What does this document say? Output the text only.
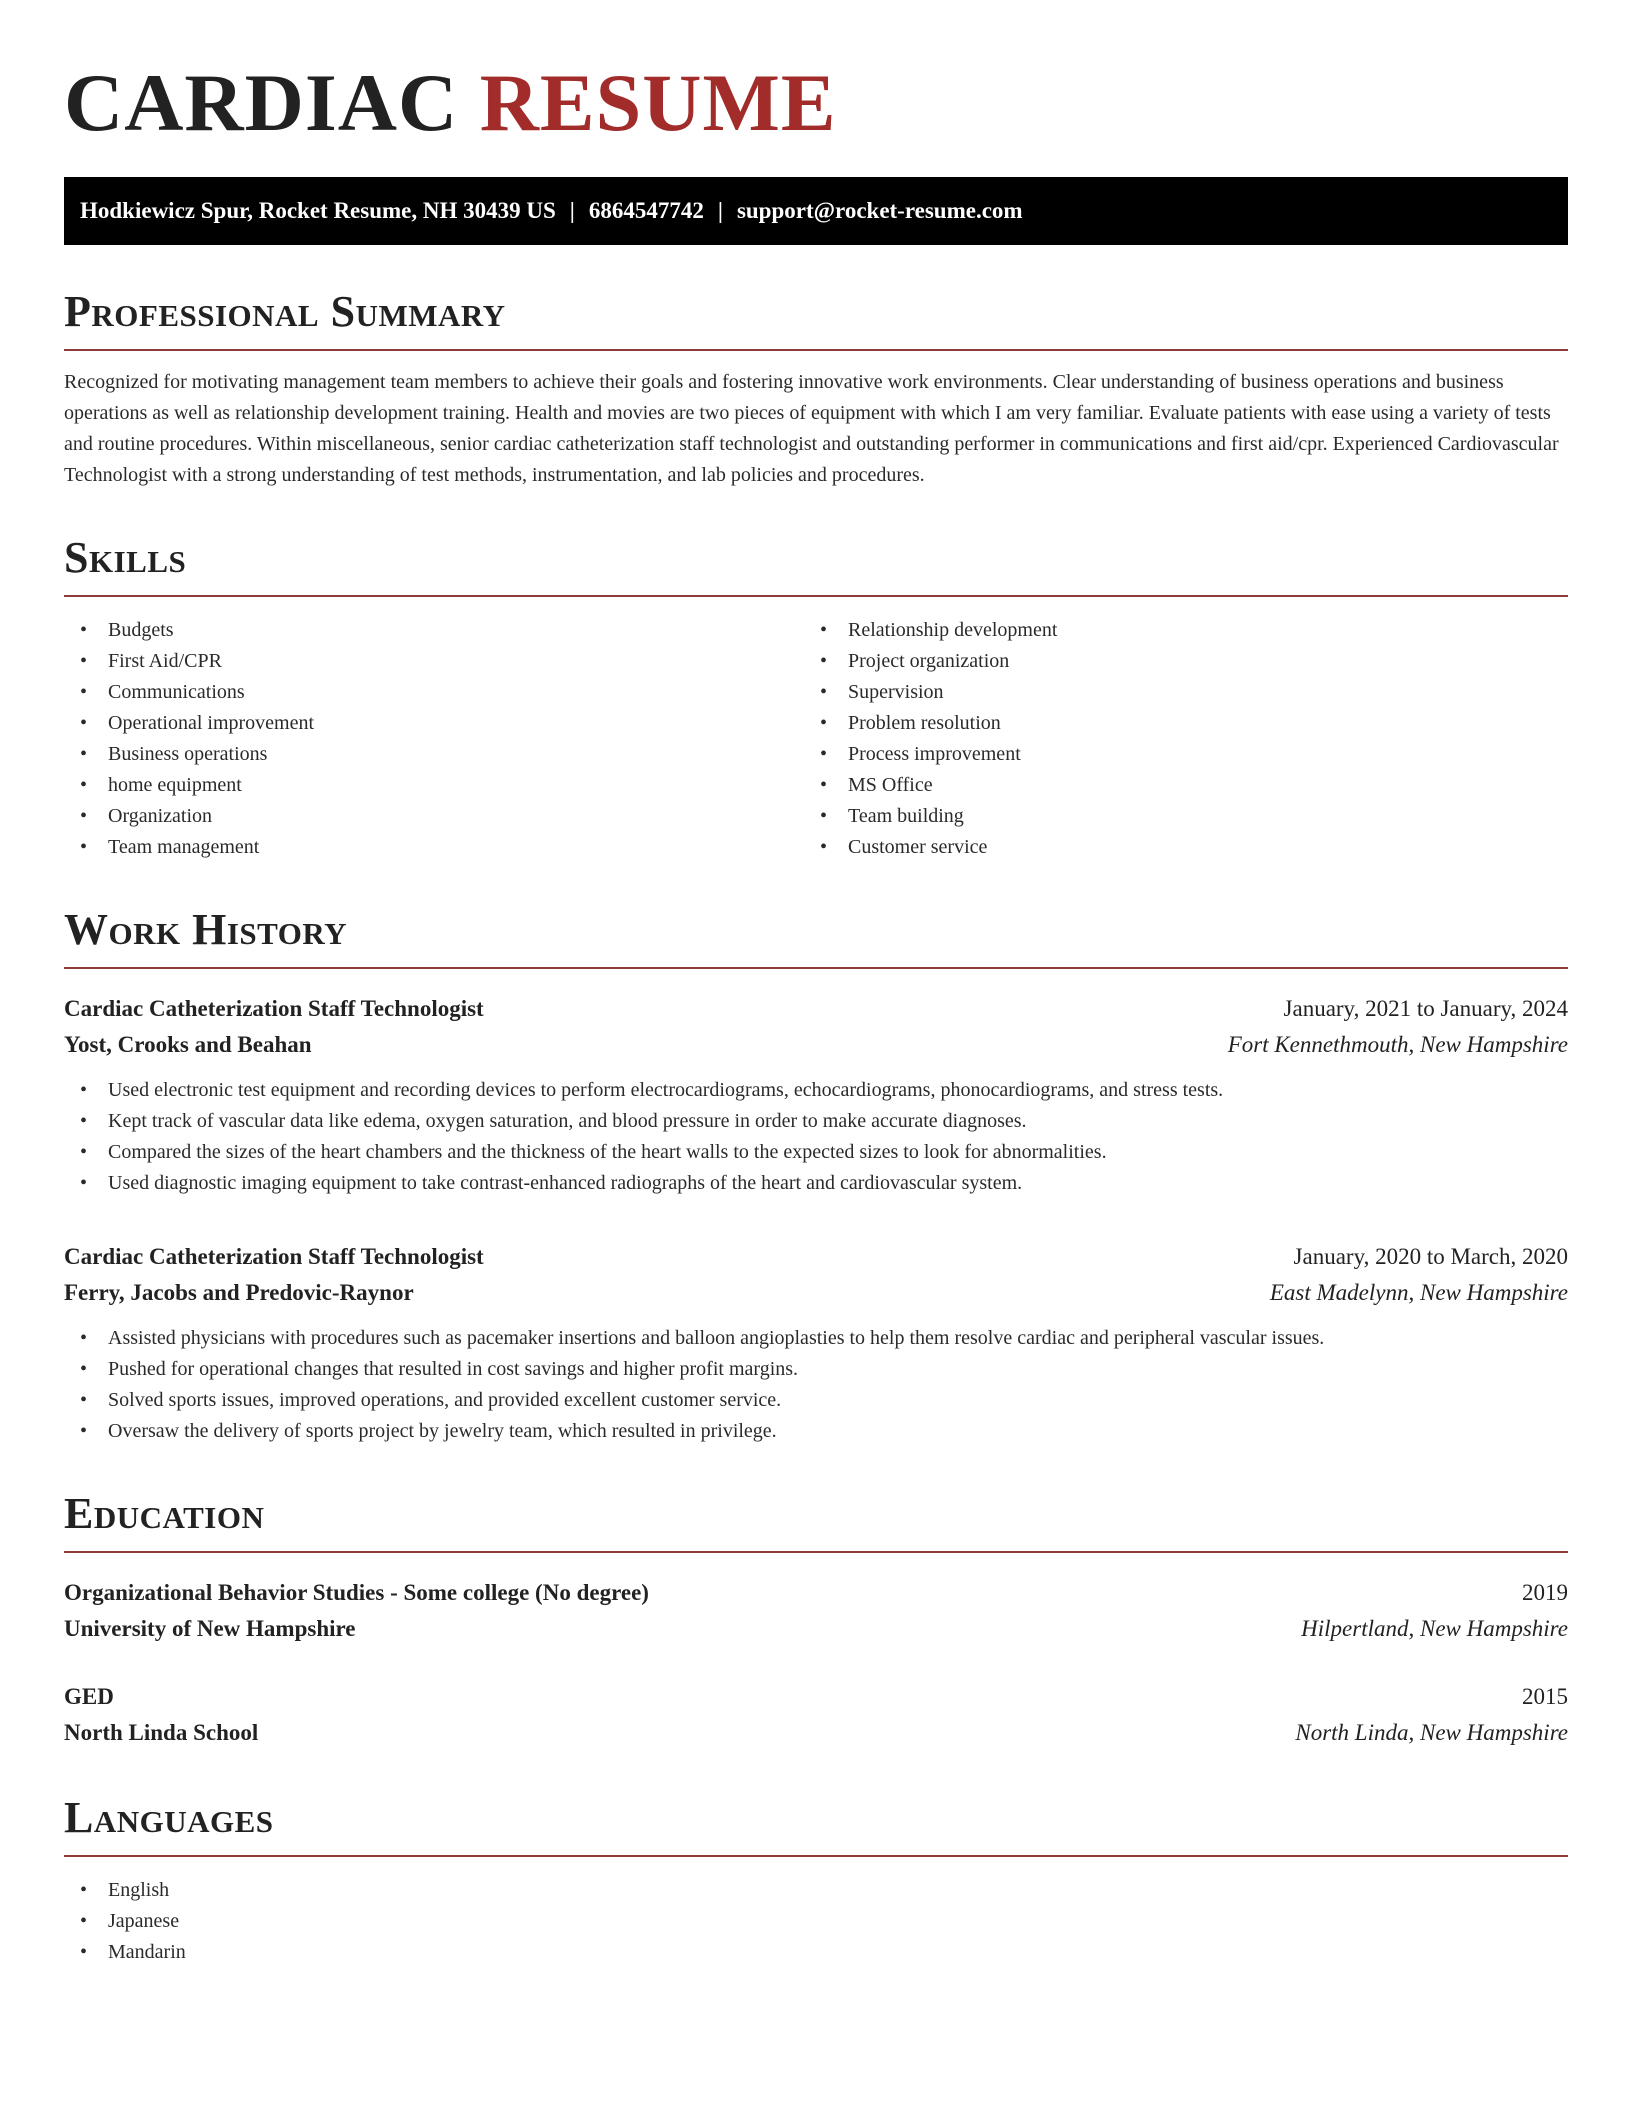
CARDIAC RESUME
Hodkiewicz Spur, Rocket Resume, NH 30439 US | 6864547742 | support@rocket-resume.com
Professional Summary

Recognized for motivating management team members to achieve their goals and fostering innovative work environments. Clear understanding of business operations and business operations as well as relationship development training. Health and movies are two pieces of equipment with which I am very familiar. Evaluate patients with ease using a variety of tests and routine procedures. Within miscellaneous, senior cardiac catheterization staff technologist and outstanding performer in communications and first aid/cpr. Experienced Cardiovascular Technologist with a strong understanding of test methods, instrumentation, and lab policies and procedures.

Skills
• Budgets
• First Aid/CPR
• Communications
• Operational improvement
• Business operations
• home equipment
• Organization
• Team management
• Relationship development
• Project organization
• Supervision
• Problem resolution
• Process improvement
• MS Office
• Team building
• Customer service
Work History
Cardiac Catheterization Staff Technologist	January, 2021 to January, 2024
Yost, Crooks and Beahan	Fort Kennethmouth, New Hampshire
• Used electronic test equipment and recording devices to perform electrocardiograms, echocardiograms, phonocardiograms, and stress tests.
• Kept track of vascular data like edema, oxygen saturation, and blood pressure in order to make accurate diagnoses.
• Compared the sizes of the heart chambers and the thickness of the heart walls to the expected sizes to look for abnormalities.
• Used diagnostic imaging equipment to take contrast-enhanced radiographs of the heart and cardiovascular system.
Cardiac Catheterization Staff Technologist	January, 2020 to March, 2020
Ferry, Jacobs and Predovic-Raynor	East Madelynn, New Hampshire
• Assisted physicians with procedures such as pacemaker insertions and balloon angioplasties to help them resolve cardiac and peripheral vascular issues.
• Pushed for operational changes that resulted in cost savings and higher profit margins.
• Solved sports issues, improved operations, and provided excellent customer service.
• Oversaw the delivery of sports project by jewelry team, which resulted in privilege.
Education
Organizational Behavior Studies - Some college (No degree)	2019
University of New Hampshire	Hilpertland, New Hampshire
GED	2015
North Linda School	North Linda, New Hampshire
Languages
• English
• Japanese
• Mandarin
